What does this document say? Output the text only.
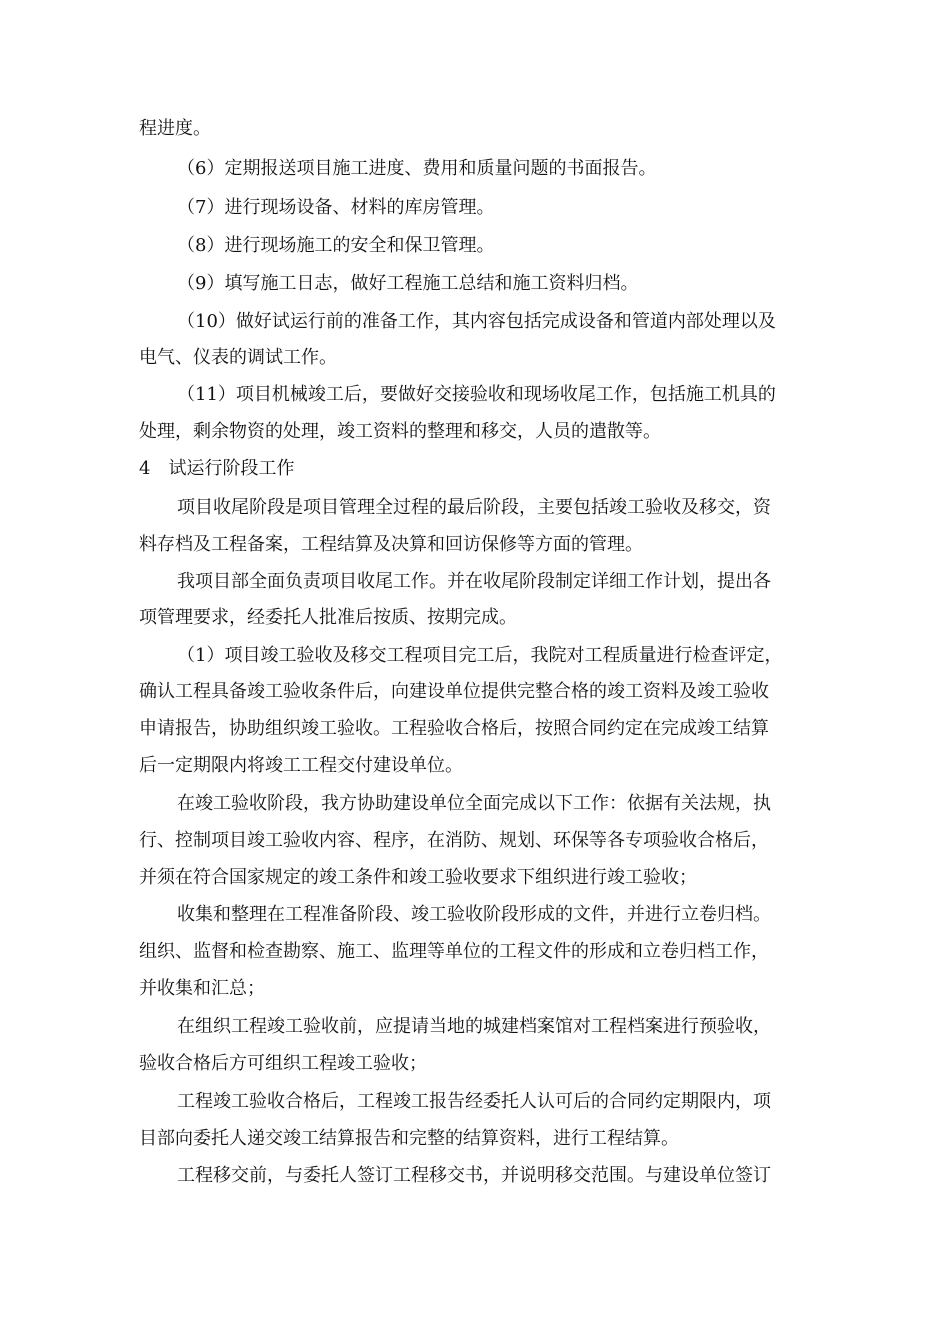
程进度。

（6）定期报送项目施工进度、费用和质量问题的书面报告。

（7）进行现场设备、材料的库房管理。

（8）进行现场施工的安全和保卫管理。

（9）填写施工日志，做好工程施工总结和施工资料归档。

（10）做好试运行前的准备工作，其内容包括完成设备和管道内部处理以及

电气、仪表的调试工作。

（11）项目机械竣工后，要做好交接验收和现场收尾工作，包括施工机具的

处理，剩余物资的处理，竣工资料的整理和移交，人员的遣散等。

4　试运行阶段工作

项目收尾阶段是项目管理全过程的最后阶段，主要包括竣工验收及移交，资

料存档及工程备案，工程结算及决算和回访保修等方面的管理。

我项目部全面负责项目收尾工作。并在收尾阶段制定详细工作计划，提出各

项管理要求，经委托人批准后按质、按期完成。

（1）项目竣工验收及移交工程项目完工后，我院对工程质量进行检查评定，

确认工程具备竣工验收条件后，向建设单位提供完整合格的竣工资料及竣工验收

申请报告，协助组织竣工验收。工程验收合格后，按照合同约定在完成竣工结算

后一定期限内将竣工工程交付建设单位。

在竣工验收阶段，我方协助建设单位全面完成以下工作：依据有关法规，执

行、控制项目竣工验收内容、程序，在消防、规划、环保等各专项验收合格后，

并须在符合国家规定的竣工条件和竣工验收要求下组织进行竣工验收；

收集和整理在工程准备阶段、竣工验收阶段形成的文件，并进行立卷归档。

组织、监督和检查勘察、施工、监理等单位的工程文件的形成和立卷归档工作，

并收集和汇总；

在组织工程竣工验收前，应提请当地的城建档案馆对工程档案进行预验收，

验收合格后方可组织工程竣工验收；

工程竣工验收合格后，工程竣工报告经委托人认可后的合同约定期限内，项

目部向委托人递交竣工结算报告和完整的结算资料，进行工程结算。

工程移交前，与委托人签订工程移交书，并说明移交范围。与建设单位签订
